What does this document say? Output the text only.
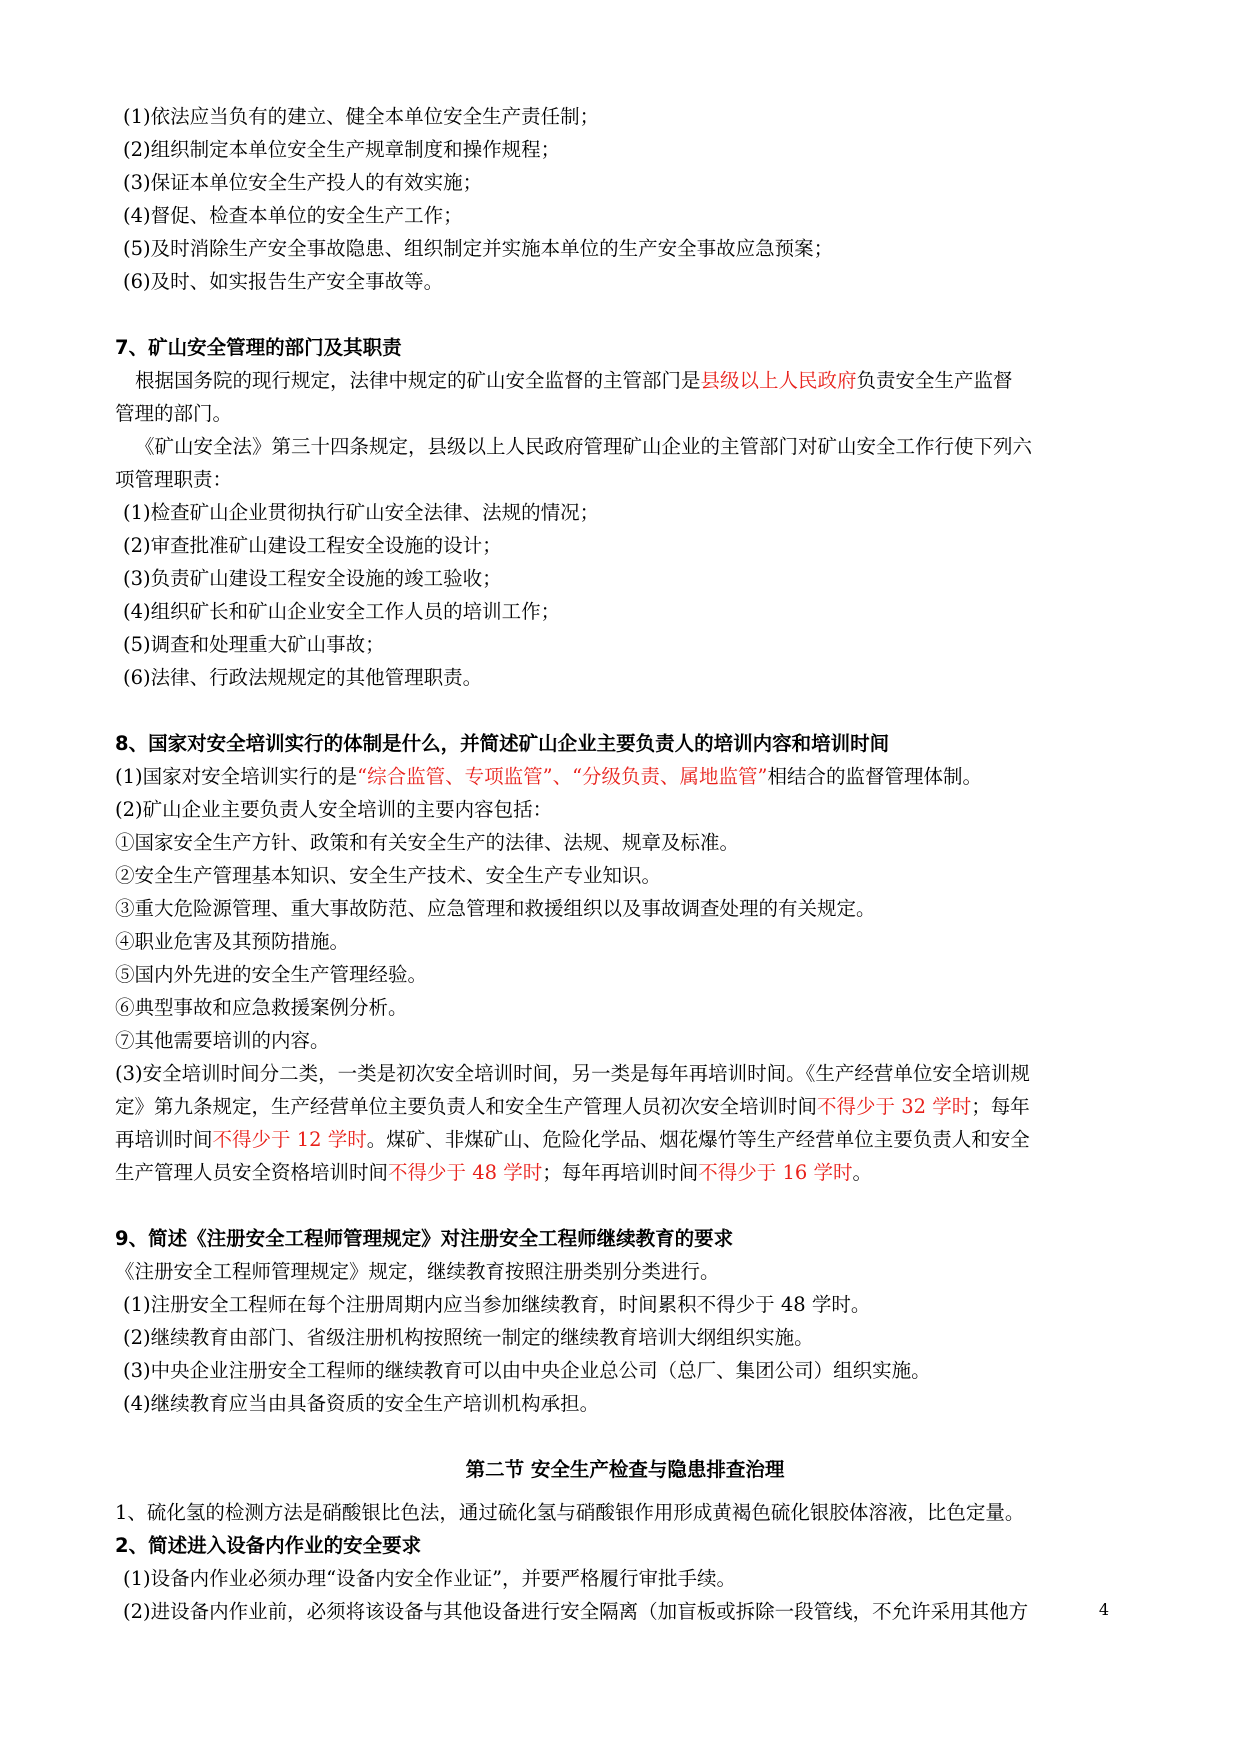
(1)依法应当负有的建立、健全本单位安全生产责任制；
(2)组织制定本单位安全生产规章制度和操作规程；
(3)保证本单位安全生产投人的有效实施；
(4)督促、检查本单位的安全生产工作；
(5)及时消除生产安全事故隐患、组织制定并实施本单位的生产安全事故应急预案；
(6)及时、如实报告生产安全事故等。
7、矿山安全管理的部门及其职责
根据国务院的现行规定，法律中规定的矿山安全监督的主管部门是县级以上人民政府负责安全生产监督
管理的部门。
《矿山安全法》第三十四条规定，县级以上人民政府管理矿山企业的主管部门对矿山安全工作行使下列六
项管理职责：
(1)检查矿山企业贯彻执行矿山安全法律、法规的情况；
(2)审查批准矿山建设工程安全设施的设计；
(3)负责矿山建设工程安全设施的竣工验收；
(4)组织矿长和矿山企业安全工作人员的培训工作；
(5)调查和处理重大矿山事故；
(6)法律、行政法规规定的其他管理职责。
8、国家对安全培训实行的体制是什么，并简述矿山企业主要负责人的培训内容和培训时间
(1)国家对安全培训实行的是“综合监管、专项监管”、“分级负责、属地监管”相结合的监督管理体制。
(2)矿山企业主要负责人安全培训的主要内容包括：
①国家安全生产方针、政策和有关安全生产的法律、法规、规章及标准。
②安全生产管理基本知识、安全生产技术、安全生产专业知识。
③重大危险源管理、重大事故防范、应急管理和救援组织以及事故调查处理的有关规定。
④职业危害及其预防措施。
⑤国内外先进的安全生产管理经验。
⑥典型事故和应急救援案例分析。
⑦其他需要培训的内容。
(3)安全培训时间分二类，一类是初次安全培训时间，另一类是每年再培训时间。《生产经营单位安全培训规
定》第九条规定，生产经营单位主要负责人和安全生产管理人员初次安全培训时间不得少于 32 学时；每年
再培训时间不得少于 12 学时。煤矿、非煤矿山、危险化学品、烟花爆竹等生产经营单位主要负责人和安全
生产管理人员安全资格培训时间不得少于 48 学时；每年再培训时间不得少于 16 学时。
9、简述《注册安全工程师管理规定》对注册安全工程师继续教育的要求
《注册安全工程师管理规定》规定，继续教育按照注册类别分类进行。
(1)注册安全工程师在每个注册周期内应当参加继续教育，时间累积不得少于 48 学时。
(2)继续教育由部门、省级注册机构按照统一制定的继续教育培训大纲组织实施。
(3)中央企业注册安全工程师的继续教育可以由中央企业总公司（总厂、集团公司）组织实施。
(4)继续教育应当由具备资质的安全生产培训机构承担。
第二节 安全生产检查与隐患排查治理
1、硫化氢的检测方法是硝酸银比色法，通过硫化氢与硝酸银作用形成黄褐色硫化银胶体溶液，比色定量。
2、简述进入设备内作业的安全要求
(1)设备内作业必须办理“设备内安全作业证”，并要严格履行审批手续。
(2)进设备内作业前，必须将该设备与其他设备进行安全隔离（加盲板或拆除一段管线，不允许采用其他方	4
